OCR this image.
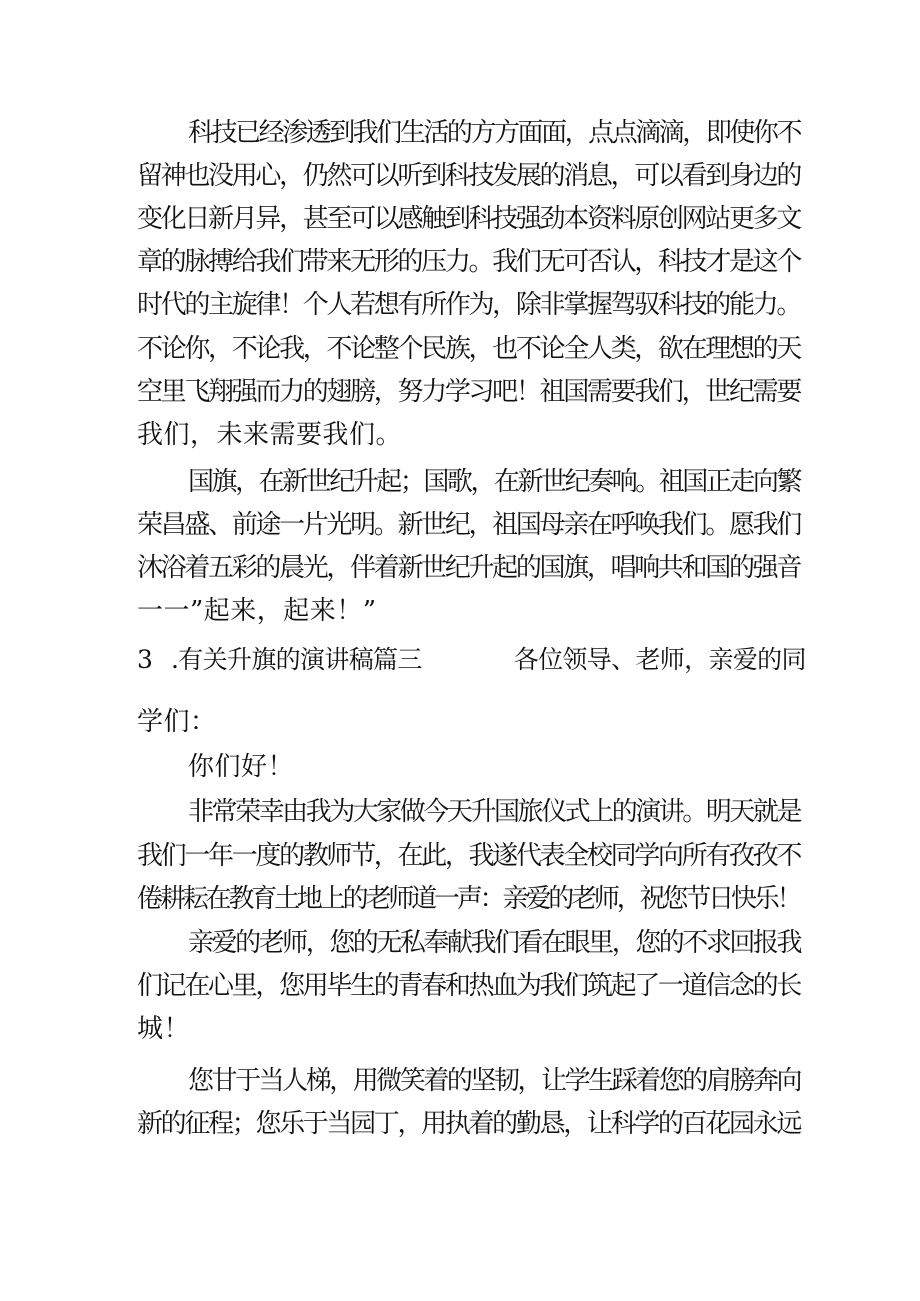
科技已经渗透到我们生活的方方面面，点点滴滴，即使你不
留神也没用心，仍然可以听到科技发展的消息，可以看到身边的
变化日新月异，甚至可以感触到科技强劲本资料原创网站更多文
章的脉搏给我们带来无形的压力。我们无可否认，科技才是这个
时代的主旋律！个人若想有所作为，除非掌握驾驭科技的能力。
不论你，不论我，不论整个民族，也不论全人类，欲在理想的天
空里飞翔强而力的翅膀，努力学习吧！祖国需要我们，世纪需要
我们，未来需要我们。
国旗，在新世纪升起；国歌，在新世纪奏响。祖国正走向繁
荣昌盛、前途一片光明。新世纪，祖国母亲在呼唤我们。愿我们
沐浴着五彩的晨光，伴着新世纪升起的国旗，唱响共和国的强音
一一”起来，起来！”
3 .有关升旗的演讲稿篇三	各位领导、老师，亲爱的同
学们：
你们好！
非常荣幸由我为大家做今天升国旅仪式上的演讲。明天就是
我们一年一度的教师节，在此，我遂代表全校同学向所有孜孜不
倦耕耘在教育土地上的老师道一声：亲爱的老师，祝您节日快乐！
亲爱的老师，您的无私奉献我们看在眼里，您的不求回报我
们记在心里，您用毕生的青春和热血为我们筑起了一道信念的长
城！
您甘于当人梯，用微笑着的坚韧，让学生踩着您的肩膀奔向
新的征程；您乐于当园丁，用执着的勤恳，让科学的百花园永远
